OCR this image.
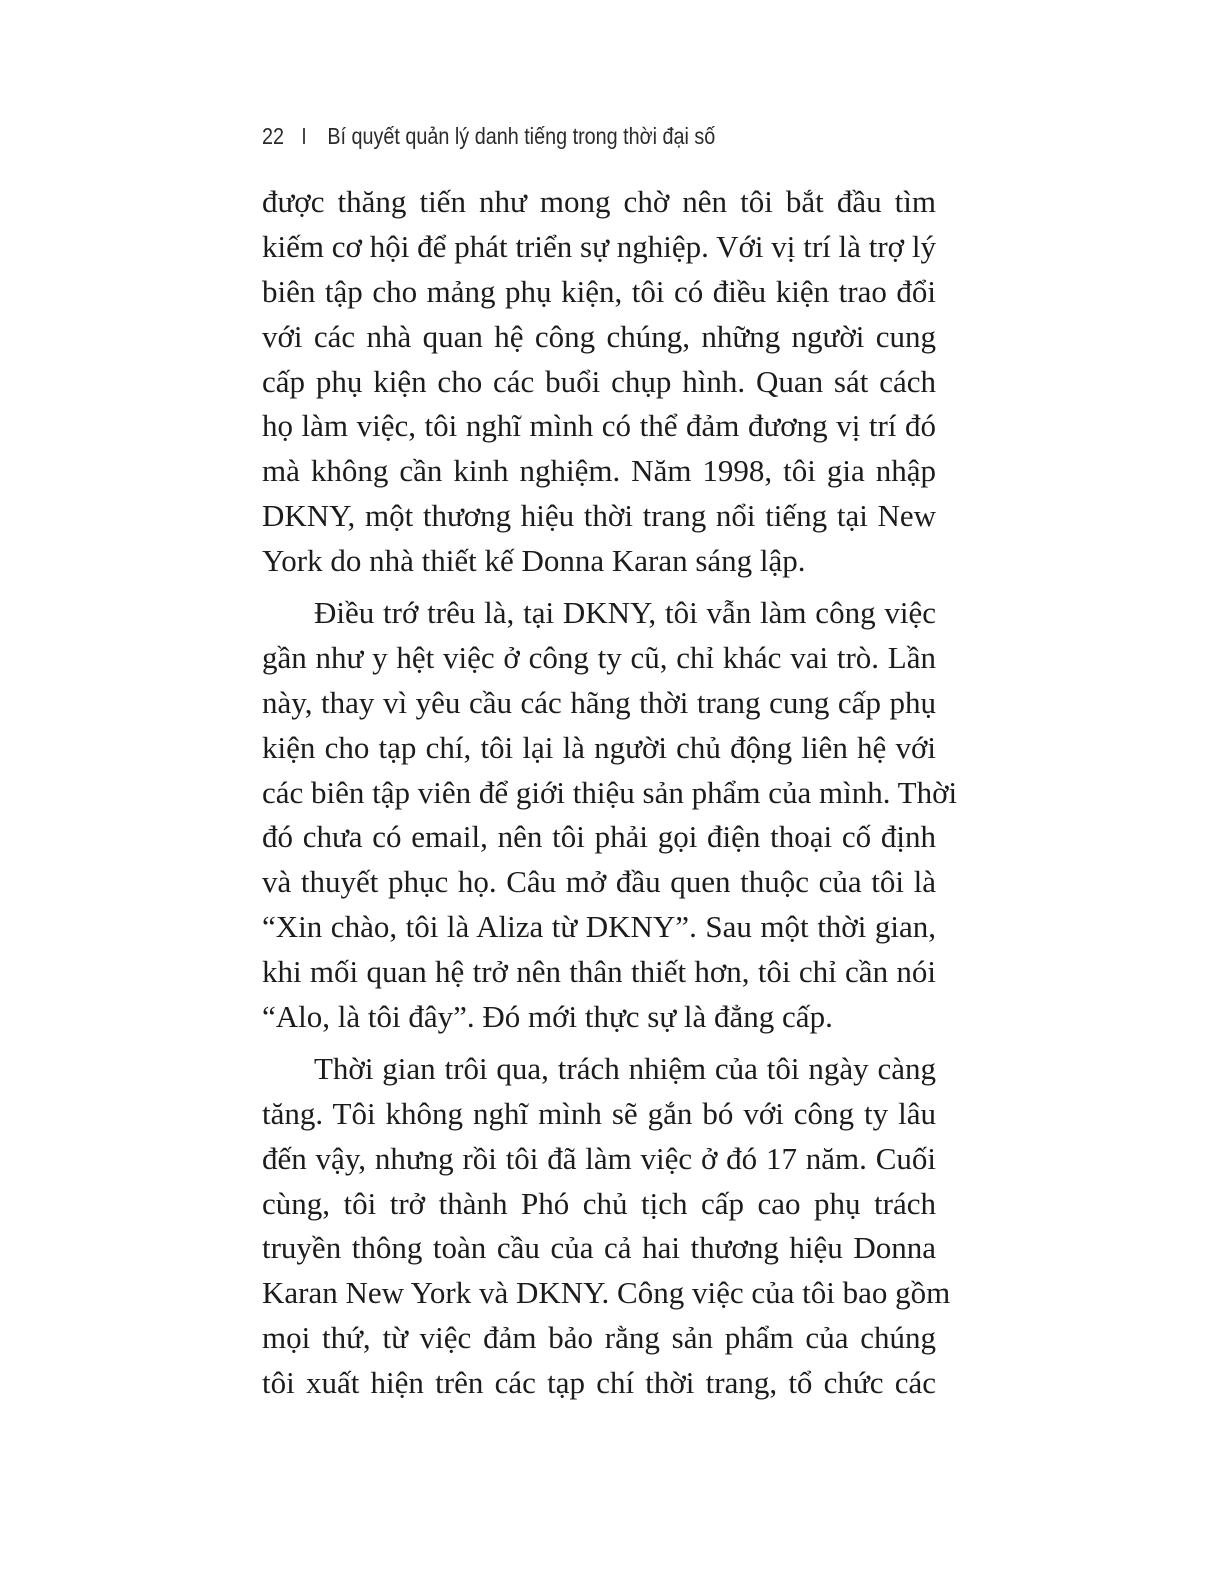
22 I Bí quyết quản lý danh tiếng trong thời đại số

được thăng tiến như mong chờ nên tôi bắt đầu tìm
kiếm cơ hội để phát triển sự nghiệp. Với vị trí là trợ lý
biên tập cho mảng phụ kiện, tôi có điều kiện trao đổi
với các nhà quan hệ công chúng, những người cung
cấp phụ kiện cho các buổi chụp hình. Quan sát cách
họ làm việc, tôi nghĩ mình có thể đảm đương vị trí đó
mà không cần kinh nghiệm. Năm 1998, tôi gia nhập
DKNY, một thương hiệu thời trang nổi tiếng tại New
York do nhà thiết kế Donna Karan sáng lập.

Điều trớ trêu là, tại DKNY, tôi vẫn làm công việc
gần như y hệt việc ở công ty cũ, chỉ khác vai trò. Lần
này, thay vì yêu cầu các hãng thời trang cung cấp phụ
kiện cho tạp chí, tôi lại là người chủ động liên hệ với
các biên tập viên để giới thiệu sản phẩm của mình. Thời
đó chưa có email, nên tôi phải gọi điện thoại cố định
và thuyết phục họ. Câu mở đầu quen thuộc của tôi là
“Xin chào, tôi là Aliza từ DKNY”. Sau một thời gian,
khi mối quan hệ trở nên thân thiết hơn, tôi chỉ cần nói
“Alo, là tôi đây”. Đó mới thực sự là đẳng cấp.

Thời gian trôi qua, trách nhiệm của tôi ngày càng
tăng. Tôi không nghĩ mình sẽ gắn bó với công ty lâu
đến vậy, nhưng rồi tôi đã làm việc ở đó 17 năm. Cuối
cùng, tôi trở thành Phó chủ tịch cấp cao phụ trách
truyền thông toàn cầu của cả hai thương hiệu Donna
Karan New York và DKNY. Công việc của tôi bao gồm
mọi thứ, từ việc đảm bảo rằng sản phẩm của chúng
tôi xuất hiện trên các tạp chí thời trang, tổ chức các
